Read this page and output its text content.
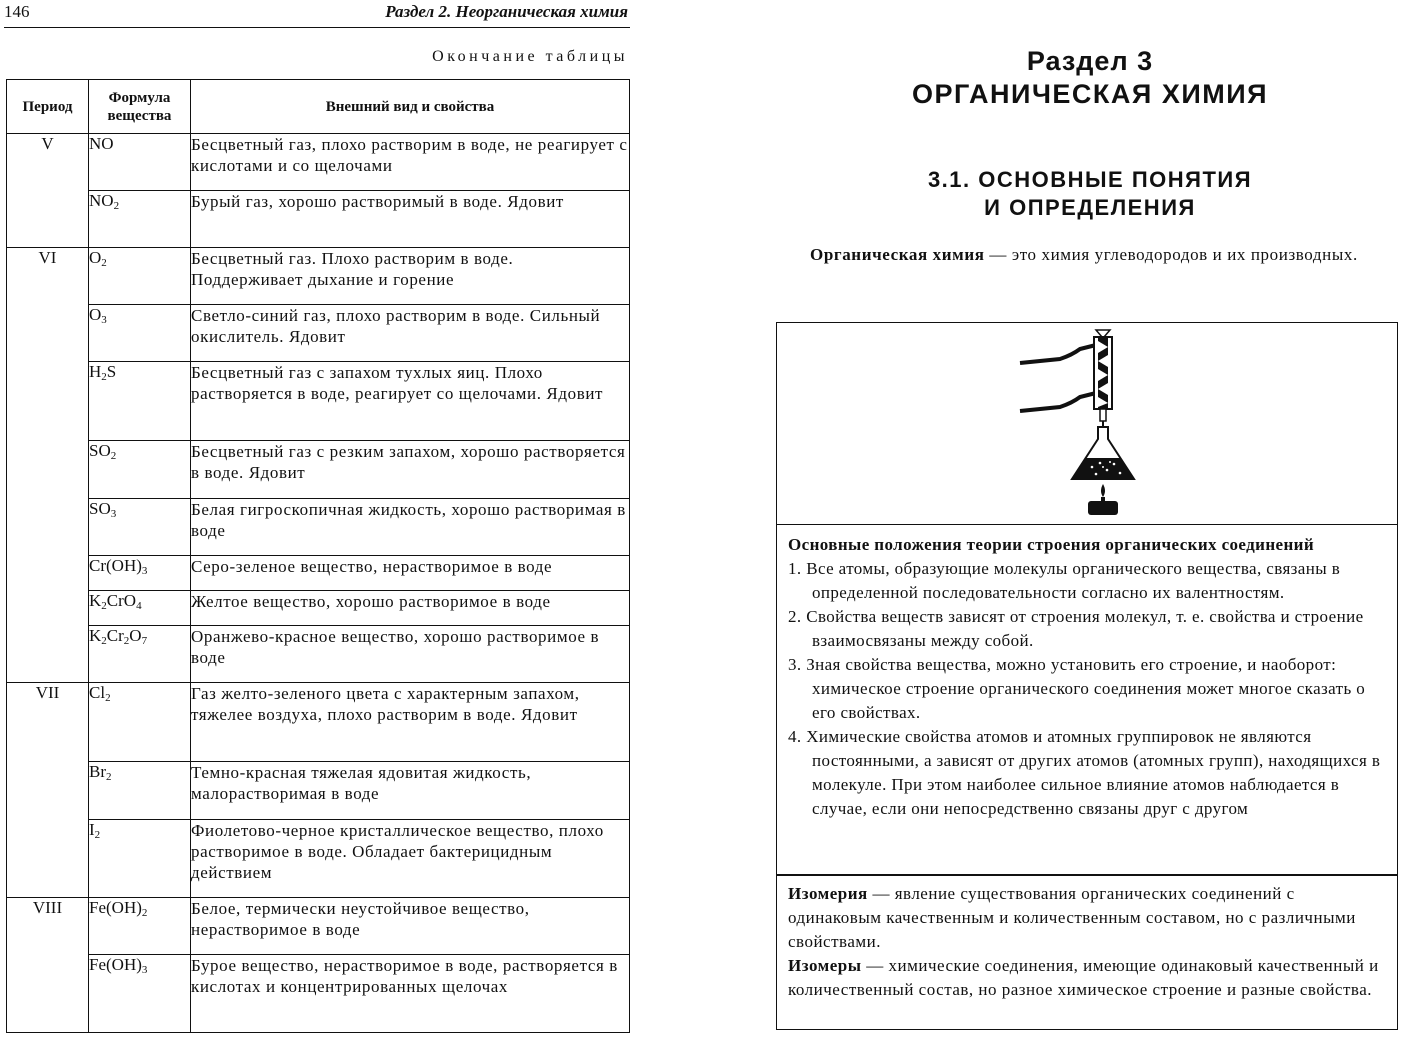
146	Раздел 2. Неорганическая химия
Окончание таблицы
Период	Формула вещества	Внешний вид и свойства
V	NO	Бесцветный газ, плохо растворим в воде, не реагирует с кислотами и со щелочами
	$NO_2$	Бурый газ, хорошо растворимый в воде. Ядовит
VI	$O_2$	Бесцветный газ. Плохо растворим в воде. Поддерживает дыхание и горение
	$O_3$	Светло-синий газ, плохо растворим в воде. Сильный окислитель. Ядовит
	$H_2S$	Бесцветный газ с запахом тухлых яиц. Плохо растворяется в воде, реагирует со щелочами. Ядовит
	$SO_2$	Бесцветный газ с резким запахом, хорошо растворяется в воде. Ядовит
	$SO_3$	Белая гигроскопичная жидкость, хорошо растворимая в воде
	$Cr(OH)_3$	Серо-зеленое вещество, нерастворимое в воде
	$K_2CrO_4$	Желтое вещество, хорошо растворимое в воде
	$K_2Cr_2O_7$	Оранжево-красное вещество, хорошо растворимое в воде
VII	$Cl_2$	Газ желто-зеленого цвета с характерным запахом, тяжелее воздуха, плохо растворим в воде. Ядовит
	$Br_2$	Темно-красная тяжелая ядовитая жидкость, малорастворимая в воде
	$I_2$	Фиолетово-черное кристаллическое вещество, плохо растворимое в воде. Обладает бактерицидным действием
VIII	$Fe(OH)_2$	Белое, термически неустойчивое вещество, нерастворимое в воде
	$Fe(OH)_3$	Бурое вещество, нерастворимое в воде, растворяется в кислотах и концентрированных щелочах
Раздел 3
ОРГАНИЧЕСКАЯ ХИМИЯ
3.1. ОСНОВНЫЕ ПОНЯТИЯ
И ОПРЕДЕЛЕНИЯ

Органическая химия — это химия углеводородов и их производных.

Основные положения теории строения органических соединений
1. Все атомы, образующие молекулы органического вещества, связаны в определенной последовательности согласно их валентностям.
2. Свойства веществ зависят от строения молекул, т. е. свойства и строение взаимосвязаны между собой.
3. Зная свойства вещества, можно установить его строение, и наоборот: химическое строение органического соединения может многое сказать о его свойствах.
4. Химические свойства атомов и атомных группировок не являются постоянными, а зависят от других атомов (атомных групп), находящихся в молекуле. При этом наиболее сильное влияние атомов наблюдается в случае, если они непосредственно связаны друг с другом

Изомерия — явление существования органических соединений с одинаковым качественным и количественным составом, но с различными свойствами.

Изомеры — химические соединения, имеющие одинаковый качественный и количественный состав, но разное химическое строение и разные свойства.
